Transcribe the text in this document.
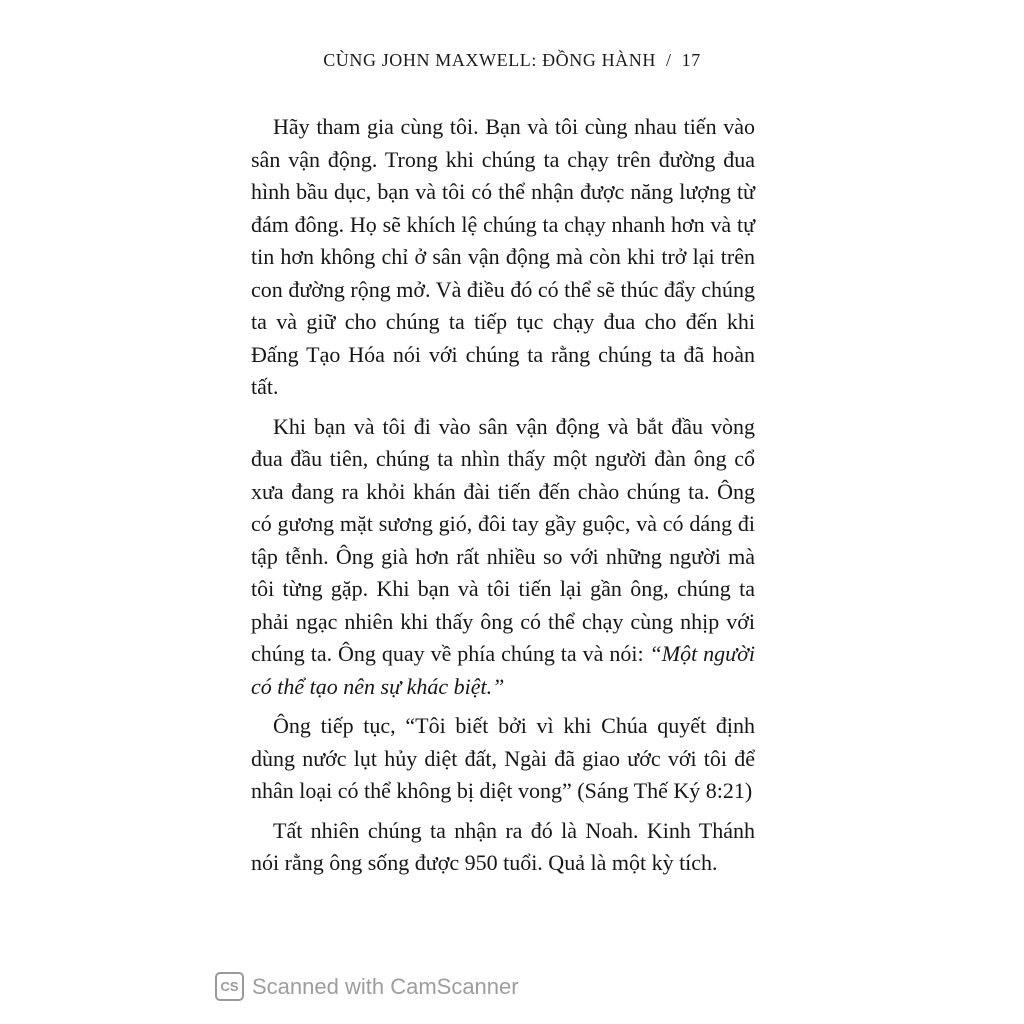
CÙNG JOHN MAXWELL: ĐỒNG HÀNH / 17

Hãy tham gia cùng tôi. Bạn và tôi cùng nhau tiến vào sân vận động. Trong khi chúng ta chạy trên đường đua hình bầu dục, bạn và tôi có thể nhận được năng lượng từ đám đông. Họ sẽ khích lệ chúng ta chạy nhanh hơn và tự tin hơn không chỉ ở sân vận động mà còn khi trở lại trên con đường rộng mở. Và điều đó có thể sẽ thúc đẩy chúng ta và giữ cho chúng ta tiếp tục chạy đua cho đến khi Đấng Tạo Hóa nói với chúng ta rằng chúng ta đã hoàn tất.

Khi bạn và tôi đi vào sân vận động và bắt đầu vòng đua đầu tiên, chúng ta nhìn thấy một người đàn ông cổ xưa đang ra khỏi khán đài tiến đến chào chúng ta. Ông có gương mặt sương gió, đôi tay gầy guộc, và có dáng đi tập tễnh. Ông già hơn rất nhiều so với những người mà tôi từng gặp. Khi bạn và tôi tiến lại gần ông, chúng ta phải ngạc nhiên khi thấy ông có thể chạy cùng nhịp với chúng ta. Ông quay về phía chúng ta và nói: “Một người có thể tạo nên sự khác biệt.”

Ông tiếp tục, “Tôi biết bởi vì khi Chúa quyết định dùng nước lụt hủy diệt đất, Ngài đã giao ước với tôi để nhân loại có thể không bị diệt vong” (Sáng Thế Ký 8:21)

Tất nhiên chúng ta nhận ra đó là Noah. Kinh Thánh nói rằng ông sống được 950 tuổi. Quả là một kỳ tích.

CS Scanned with CamScanner
